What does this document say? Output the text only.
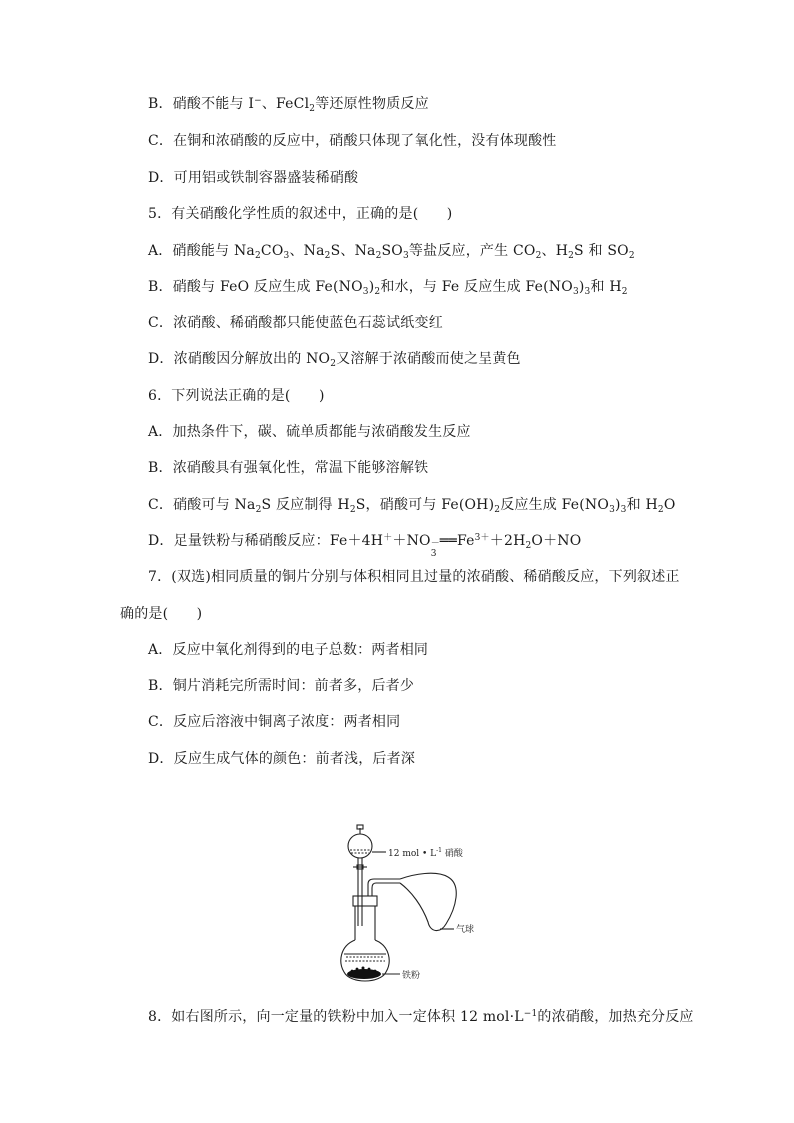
B．硝酸不能与 I−、FeCl$_2$等还原性物质反应
C．在铜和浓硝酸的反应中，硝酸只体现了氧化性，没有体现酸性
D．可用铝或铁制容器盛装稀硝酸
5．有关硝酸化学性质的叙述中，正确的是(　　)
A．硝酸能与 $Na_2CO_3$、$Na_2S$、$Na_2SO_3$等盐反应，产生 $CO_2$、$H_2S$ 和 $SO_2$
B．硝酸与 FeO 反应生成 $Fe(NO_3)_2$和水，与 Fe 反应生成 $Fe(NO_3)_3$和 $H_2$
C．浓硝酸、稀硝酸都只能使蓝色石蕊试纸变红
D．浓硝酸因分解放出的 $NO_2$又溶解于浓硝酸而使之呈黄色
6．下列说法正确的是(　　)
A．加热条件下，碳、硫单质都能与浓硝酸发生反应
B．浓硝酸具有强氧化性，常温下能够溶解铁
C．硝酸可与 $Na_2S$ 反应制得 $H_2S$，硝酸可与 $Fe(OH)_2$反应生成 $Fe(NO_3)_3$和 $H_2O$
D．足量铁粉与稀硝酸反应：Fe＋4H＋＋NO －
3
$══Fe^{3+}+2H_2O+NO$
7．(双选)相同质量的铜片分别与体积相同且过量的浓硝酸、稀硝酸反应，下列叙述正
确的是(　　)
A．反应中氧化剂得到的电子总数：两者相同
B．铜片消耗完所需时间：前者多，后者少
C．反应后溶液中铜离子浓度：两者相同
D．反应生成气体的颜色：前者浅，后者深
12 mol • $L^{-1}$ 硝酸
气球
铁粉
8．如右图所示，向一定量的铁粉中加入一定体积 12 $mol\cdot L^{-1}$的浓硝酸，加热充分反应
